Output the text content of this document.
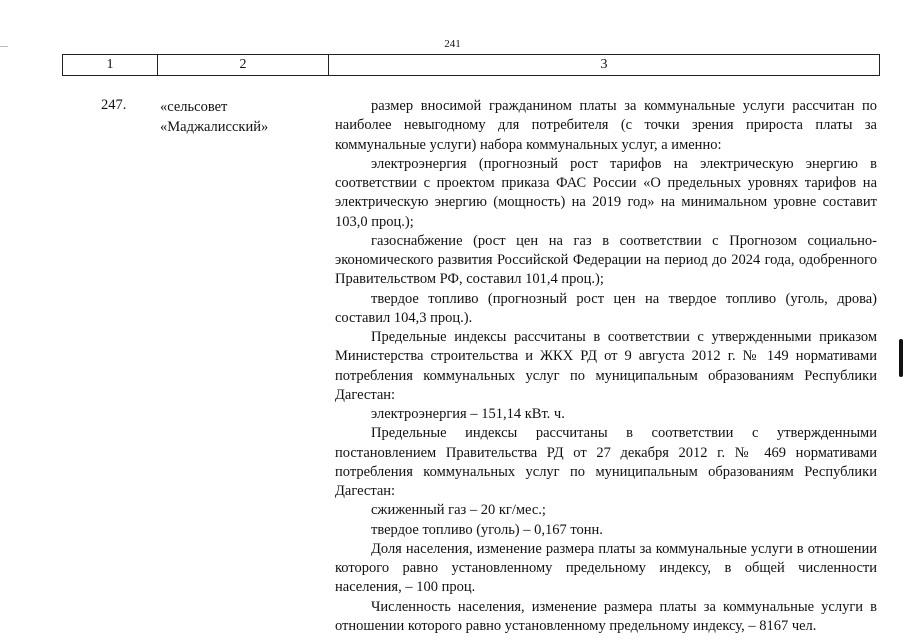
241
1	2	3
247. «сельсовет
«Маджалисский»

размер вносимой гражданином платы за коммунальные услуги рассчитан по наиболее невыгодному для потребителя (с точки зрения прироста платы за коммунальные услуги) набора коммунальных услуг, а именно:

электроэнергия (прогнозный рост тарифов на электрическую энергию в соответствии с проектом приказа ФАС России «О предельных уровнях тарифов на электрическую энергию (мощность) на 2019 год» на минимальном уровне составит 103,0 проц.);

газоснабжение (рост цен на газ в соответствии с Прогнозом социально-экономического развития Российской Федерации на период до 2024 года, одобренного Правительством РФ, составил 101,4 проц.);

твердое топливо (прогнозный рост цен на твердое топливо (уголь, дрова) составил 104,3 проц.).

Предельные индексы рассчитаны в соответствии с утвержденными приказом Министерства строительства и ЖКХ РД от 9 августа 2012 г. № 149 нормативами потребления коммунальных услуг по муниципальным образованиям Республики Дагестан:

электроэнергия – 151,14 кВт. ч.

Предельные индексы рассчитаны в соответствии с утвержденными постановлением Правительства РД от 27 декабря 2012 г. № 469 нормативами потребления коммунальных услуг по муниципальным образованиям Республики Дагестан:

сжиженный газ – 20 кг/мес.;

твердое топливо (уголь) – 0,167 тонн.

Доля населения, изменение размера платы за коммунальные услуги в отношении которого равно установленному предельному индексу, в общей численности населения, – 100 проц.

Численность населения, изменение размера платы за коммунальные услуги в отношении которого равно установленному предельному индексу, – 8167 чел.
